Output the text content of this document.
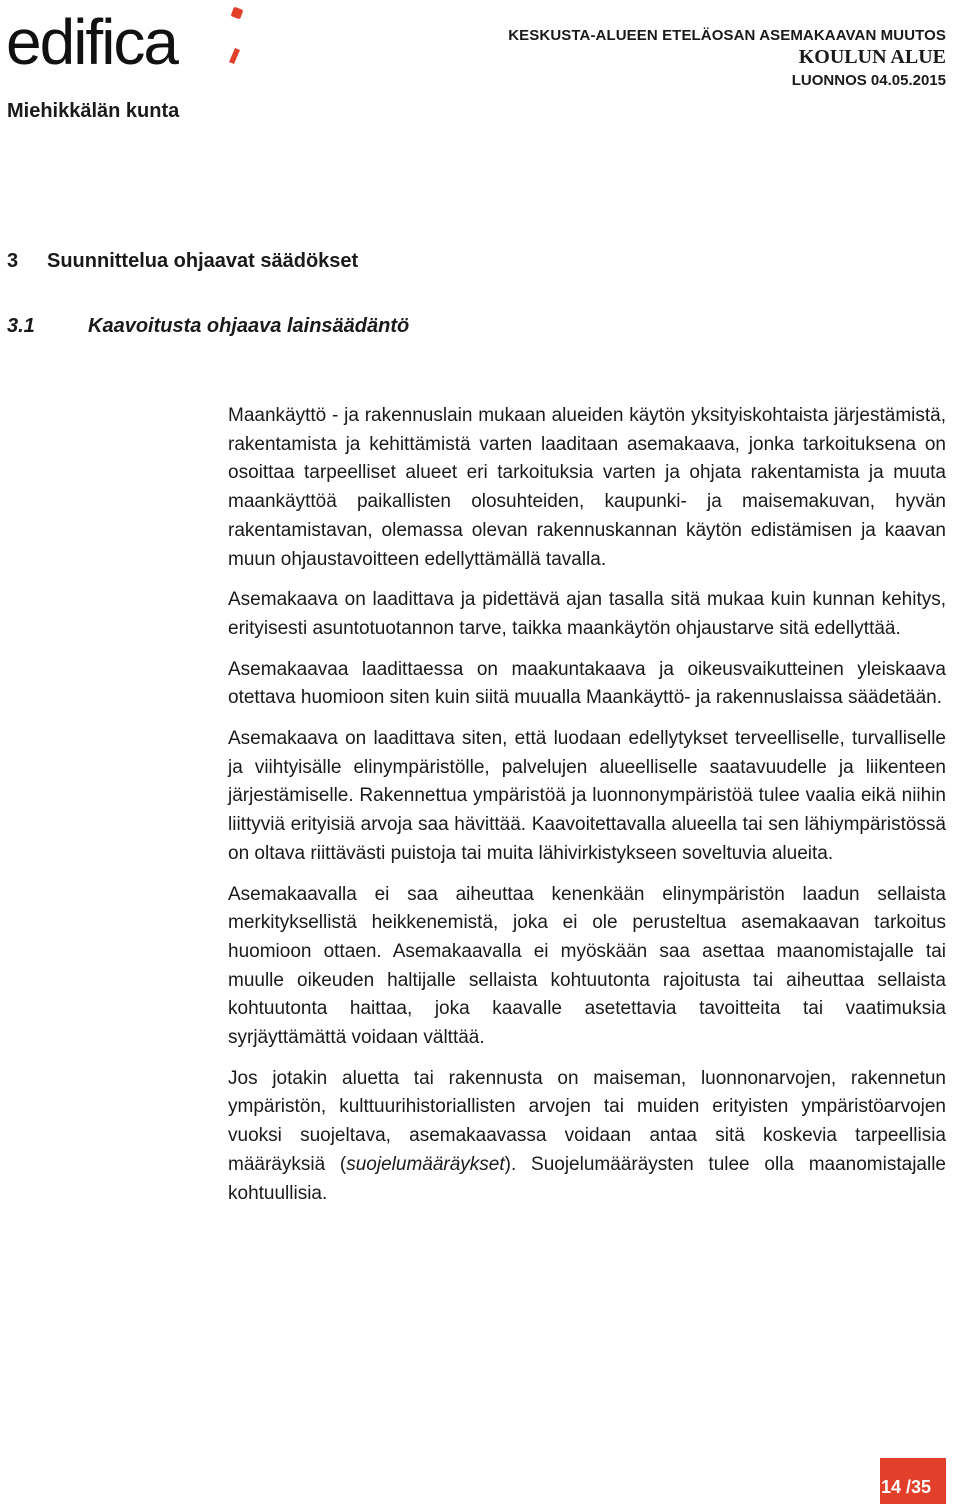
edifica
Miehikkälän kunta
KESKUSTA-ALUEEN ETELÄOSAN ASEMAKAAVAN MUUTOS
KOULUN ALUE
LUONNOS 04.05.2015
3 Suunnittelua ohjaavat säädökset
3.1	Kaavoitusta ohjaava lainsäädäntö

Maankäyttö - ja rakennuslain mukaan alueiden käytön yksityiskohtaista järjestämistä, rakentamista ja kehittämistä varten laaditaan asemakaava, jonka tarkoituksena on osoittaa tarpeelliset alueet eri tarkoituksia varten ja ohjata rakentamista ja muuta maankäyttöä paikallisten olosuhteiden, kaupunki- ja maisemakuvan, hyvän rakentamistavan, olemassa olevan rakennuskannan käytön edistämisen ja kaavan muun ohjaustavoitteen edellyttämällä tavalla.

Asemakaava on laadittava ja pidettävä ajan tasalla sitä mukaa kuin kunnan kehitys, erityisesti asuntotuotannon tarve, taikka maankäytön ohjaustarve sitä edellyttää.

Asemakaavaa laadittaessa on maakuntakaava ja oikeusvaikutteinen yleiskaava otettava huomioon siten kuin siitä muualla Maankäyttö- ja rakennuslaissa säädetään.

Asemakaava on laadittava siten, että luodaan edellytykset terveelliselle, turvalliselle ja viihtyisälle elinympäristölle, palvelujen alueelliselle saatavuudelle ja liikenteen järjestämiselle. Rakennettua ympäristöä ja luonnonympäristöä tulee vaalia eikä niihin liittyviä erityisiä arvoja saa hävittää. Kaavoitettavalla alueella tai sen lähiympäristössä on oltava riittävästi puistoja tai muita lähivirkistykseen soveltuvia alueita.

Asemakaavalla ei saa aiheuttaa kenenkään elinympäristön laadun sellaista merkityksellistä heikkenemistä, joka ei ole perusteltua asemakaavan tarkoitus huomioon ottaen. Asemakaavalla ei myöskään saa asettaa maanomistajalle tai muulle oikeuden haltijalle sellaista kohtuutonta rajoitusta tai aiheuttaa sellaista kohtuutonta haittaa, joka kaavalle asetettavia tavoitteita tai vaatimuksia syrjäyttämättä voidaan välttää.

Jos jotakin aluetta tai rakennusta on maiseman, luonnonarvojen, rakennetun ympäristön, kulttuurihistoriallisten arvojen tai muiden erityisten ympäristöarvojen vuoksi suojeltava, asemakaavassa voidaan antaa sitä koskevia tarpeellisia määräyksiä (suojelumääräykset). Suojelumääräysten tulee olla maanomistajalle kohtuullisia.

14 /35
